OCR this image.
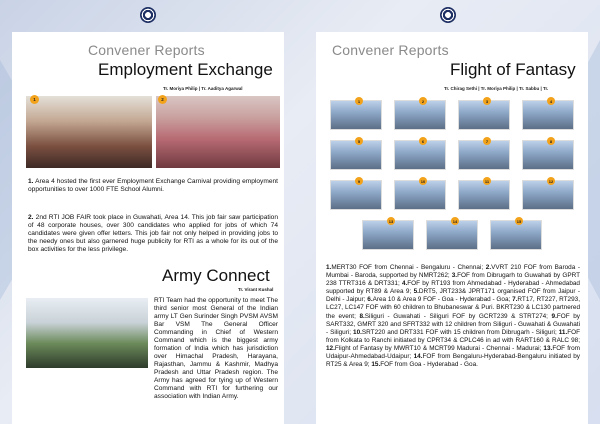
Convener Reports
Employment Exchange
Tr. Moriya Philip | Tr. Aaditya Agarwal
1	2
1. Area 4 hosted the first ever Employment Exchange Carnival providing employment opportunities to over 1000 FTE School Alumni.
2. 2nd RTI JOB FAIR took place in Guwahati, Area 14. This job fair saw participation of 48 corporate houses, over 300 candidates who applied for jobs of which 74 candidates were given offer letters. This job fair not only helped in providing jobs to the needy ones but also garnered huge publicity for RTI as a whole for its out of the box activities for the less privilege.
Army Connect
Tr. Virant Kushal
RTI Team had the opportunity to meet The third senior most General of the Indian army LT Gen Surinder Singh PVSM AVSM Bar VSM The General Officer Commanding in Chief of Western Command which is the biggest army formation of India which has jurisdiction over Himachal Pradesh, Harayana, Rajasthan, Jammu & Kashmir, Madhya Pradesh and Uttar Pradesh region. The Army has agreed for tying up of Western Command with RTI for furthering our association with Indian Army.
Convener Reports
Flight of Fantasy
Tr. Chirag Sethi | Tr. Moriya Philip | Tr. Sabbu | Tr.
1	2	3	4
5	6	7	8
9	10	11	12
13	14	15
1.MERT30 FOF from Chennai - Bengaluru - Chennai; 2.VVRT 210 FOF from Baroda - Mumbai - Baroda, supported by NMRT262; 3.FOF from Dibrugarh to Guwahati by GPRT 238 TTRT316 & DRT331; 4.FOF by RT193 from Ahmedabad - Hyderabad - Ahmedabad supported by RT89 & Area 9; 5.DRT5, JRT233& JPRT171 organised FOF from Jaipur - Delhi - Jaipur; 6.Area 10 & Area 9 FOF - Goa - Hyderabad - Goa; 7.RT17, RT227, RT293, LC27, LC147 FOF with 60 children to Bhubaneswar & Puri. BKRT230 & LC130 partnered the event; 8.Siliguri - Guwahati - Siliguri FOF by GCRT239 & STRT274; 9.FOF by SART332, GMRT 320 and SFRT332 with 12 children from Siliguri - Guwahati & Guwahati - Siliguri; 10.SRT220 and DRT331 FOF with 15 children from Dibrugarh - Siliguri; 11.FOF from Kolkata to Ranchi initiated by CPRT34 & CPLC46 in ad with RART160 & RALC 98; 12.Flight of Fantasy by MWRT10 & MCRT99 Madurai - Chennai - Madurai; 13.FOF from Udaipur-Ahmedabad-Udaipur; 14.FOF from Bengaluru-Hyderabad-Bengaluru initiated by RT25 & Area 9; 15.FOF from Goa - Hyderabad - Goa.
